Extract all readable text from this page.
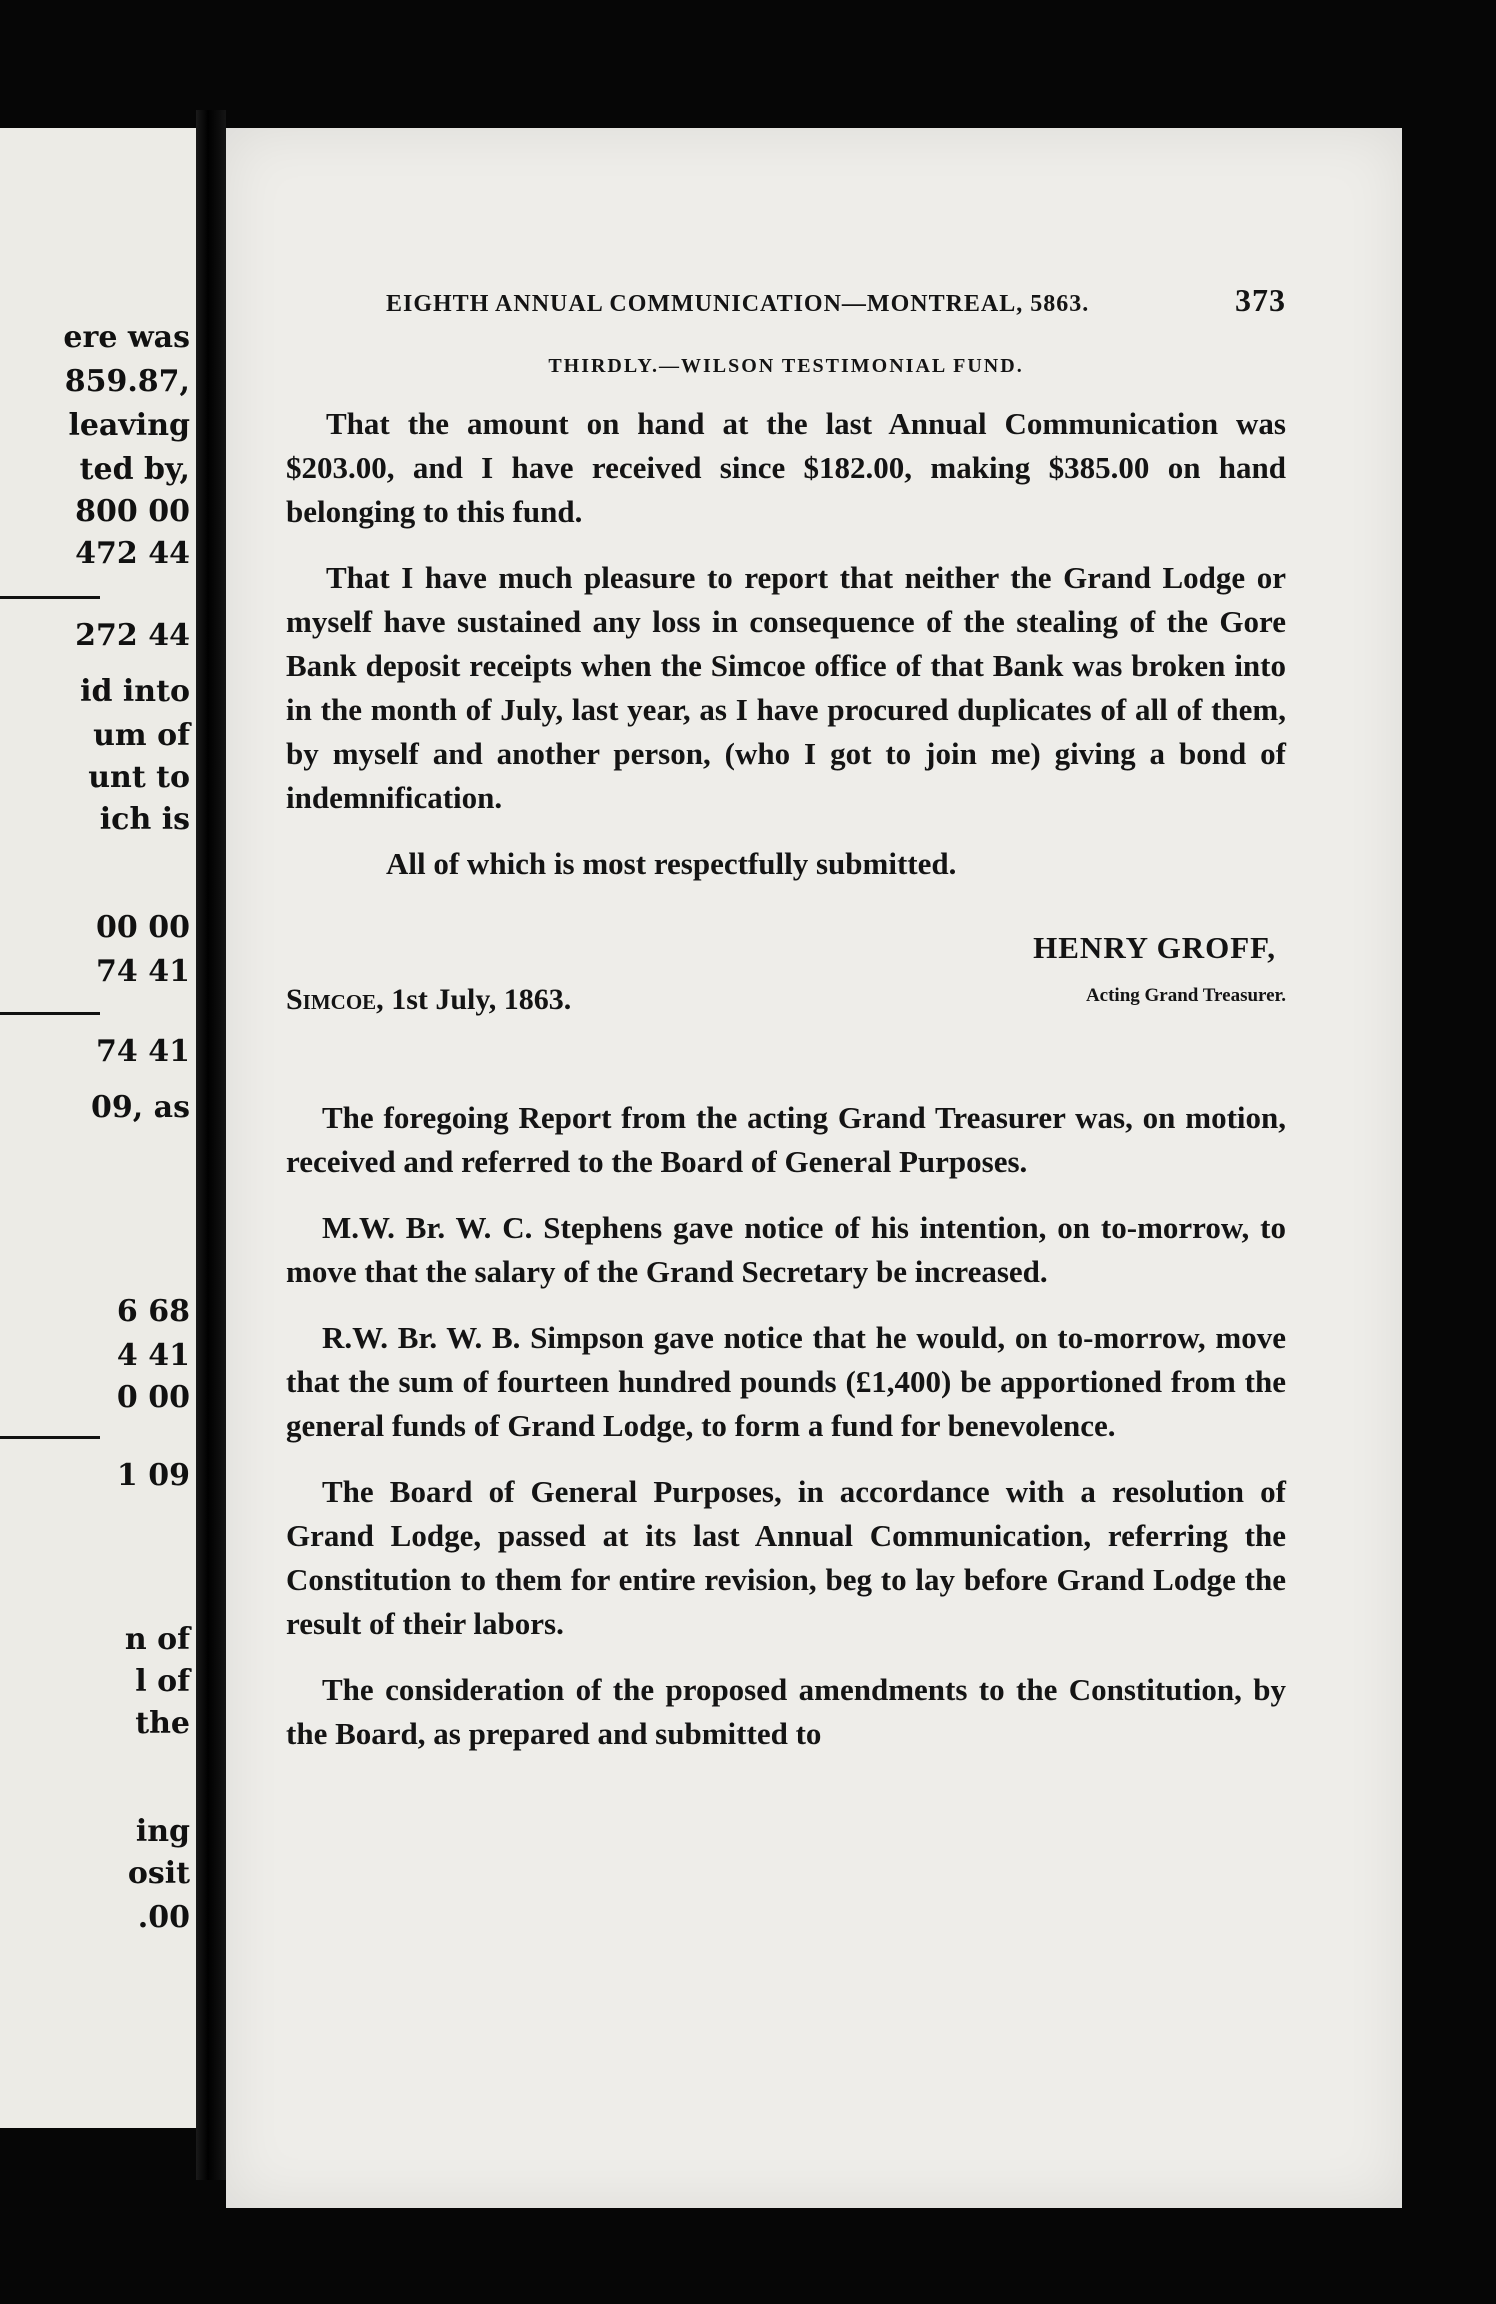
ere was
859.87,
leaving
ted by,
800 00
472 44
272 44
id into
um of
unt to
ich is
00 00
74 41
74 41
09, as
6 68
4 41
0 00
1 09
n of
l of
the
ing
osit
.00
EIGHTH ANNUAL COMMUNICATION—MONTREAL, 5863.	373
THIRDLY.—WILSON TESTIMONIAL FUND.

That the amount on hand at the last Annual Communication was $203.00, and I have received since $182.00, making $385.00 on hand belonging to this fund.

That I have much pleasure to report that neither the Grand Lodge or myself have sustained any loss in consequence of the stealing of the Gore Bank deposit receipts when the Simcoe office of that Bank was broken into in the month of July, last year, as I have procured duplicates of all of them, by myself and another person, (who I got to join me) giving a bond of indemnification.

All of which is most respectfully submitted.

HENRY GROFF,
Acting Grand Treasurer.
Simcoe, 1st July, 1863.

The foregoing Report from the acting Grand Treasurer was, on motion, received and referred to the Board of General Purposes.

M.W. Br. W. C. Stephens gave notice of his intention, on to-morrow, to move that the salary of the Grand Secretary be increased.

R.W. Br. W. B. Simpson gave notice that he would, on to-morrow, move that the sum of fourteen hundred pounds (£1,400) be apportioned from the general funds of Grand Lodge, to form a fund for benevolence.

The Board of General Purposes, in accordance with a resolution of Grand Lodge, passed at its last Annual Communication, referring the Constitution to them for entire revision, beg to lay before Grand Lodge the result of their labors.

The consideration of the proposed amendments to the Constitution, by the Board, as prepared and submitted to
